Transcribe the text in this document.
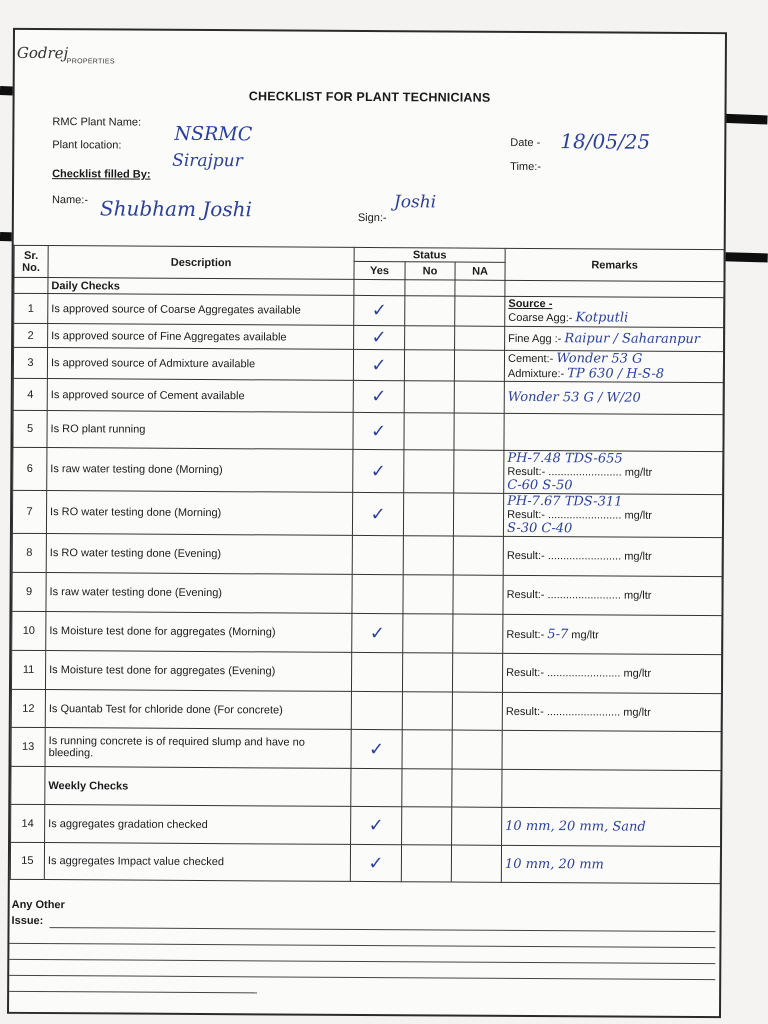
Godrej
PROPERTIES
CHECKLIST FOR PLANT TECHNICIANS
RMC Plant Name:
NSRMC
Plant location:
Sirajpur
Checklist filled By:
Name:- Shubham Joshi	Sign:-
Joshi
Date - 18/05/25
Time:-
Sr.
No.	Description	Status			Remarks
		Yes	No	NA	
	Daily Checks				
1	Is approved source of Coarse Aggregates available	✓			Source -
Coarse Agg:- Kotputli

2	Is approved source of Fine Aggregates available	✓			Fine Agg :- Raipur / Saharanpur
3	Is approved source of Admixture available	✓			Cement:- Wonder 53 G
Admixture:- TP 630 / H-S-8

4	Is approved source of Cement available	✓			Wonder 53 G / W/20
5	Is RO plant running	✓			

6	Is raw water testing done (Morning)	✓			PH-7.48 TDS-655
Result:- ........................ mg/ltr
C-60 S-50

7	Is RO water testing done (Morning)	✓			PH-7.67 TDS-311
Result:- ........................ mg/ltr
S-30 C-40

8	Is RO water testing done (Evening)				Result:- ........................ mg/ltr
9	Is raw water testing done (Evening)				Result:- ........................ mg/ltr
10	Is Moisture test done for aggregates (Morning)	✓			Result:- 5-7 mg/ltr
11	Is Moisture test done for aggregates (Evening)				Result:- ........................ mg/ltr
12	Is Quantab Test for chloride done (For concrete)				Result:- ........................ mg/ltr
13	Is running concrete is of required slump and have no bleeding.	✓			

	Weekly Checks				
14	Is aggregates gradation checked	✓			10 mm, 20 mm, Sand
15	Is aggregates Impact value checked	✓			10 mm, 20 mm
Any Other
Issue:
